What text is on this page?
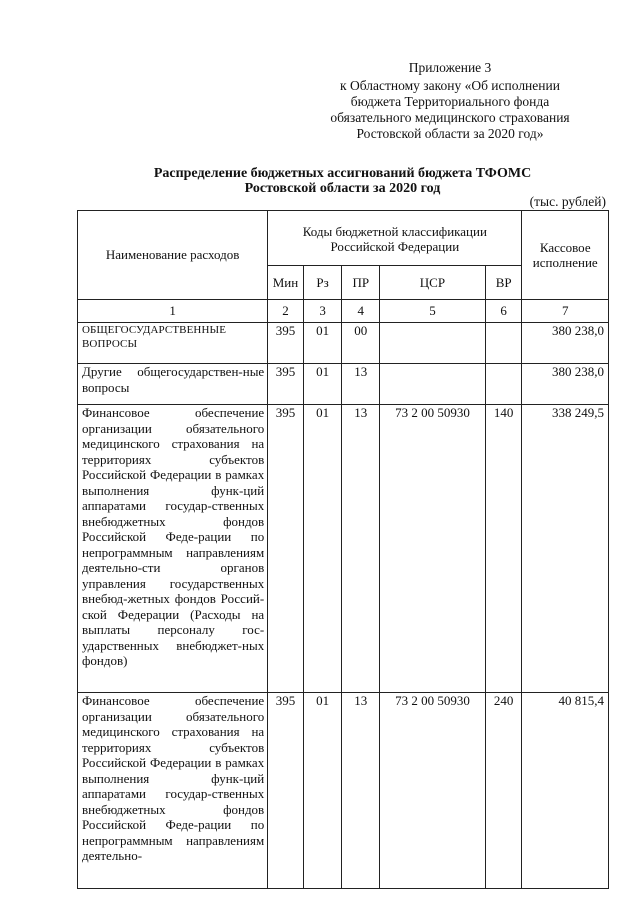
Приложение 3
к Областному закону «Об исполнении
бюджета Территориального фонда
обязательного медицинского страхования
Ростовской области за 2020 год»
Распределение бюджетных ассигнований бюджета ТФОМС
Ростовской области за 2020 год
(тыс. рублей)
Наименование расходов	Коды бюджетной классификации
Российской Федерации					Кассовое
исполнение

	Мин	Рз	ПР	ЦСР	ВР	
1	2	3	4	5	6	7
ОБЩЕГОСУДАРСТВЕННЫЕ ВОПРОСЫ	395	01	00			380 238,0
Другие общегосударствен-ные вопросы	395	01	13			380 238,0
Финансовое обеспечение организации обязательного медицинского страхования на территориях субъектов Российской Федерации в рамках выполнения функ-ций аппаратами государ-ственных внебюджетных фондов Российской Феде-рации по непрограммным направлениям деятельно-сти органов управления государственных внебюд-жетных фондов Россий-ской Федерации (Расходы на выплаты персоналу гос-ударственных внебюджет-ных фондов)	395	01	13	73 2 00 50930	140	338 249,5
Финансовое обеспечение организации обязательного медицинского страхования на территориях субъектов Российской Федерации в рамках выполнения функ-ций аппаратами государ-ственных внебюджетных фондов Российской Феде-рации по непрограммным направлениям деятельно-	395	01	13	73 2 00 50930	240	40 815,4
